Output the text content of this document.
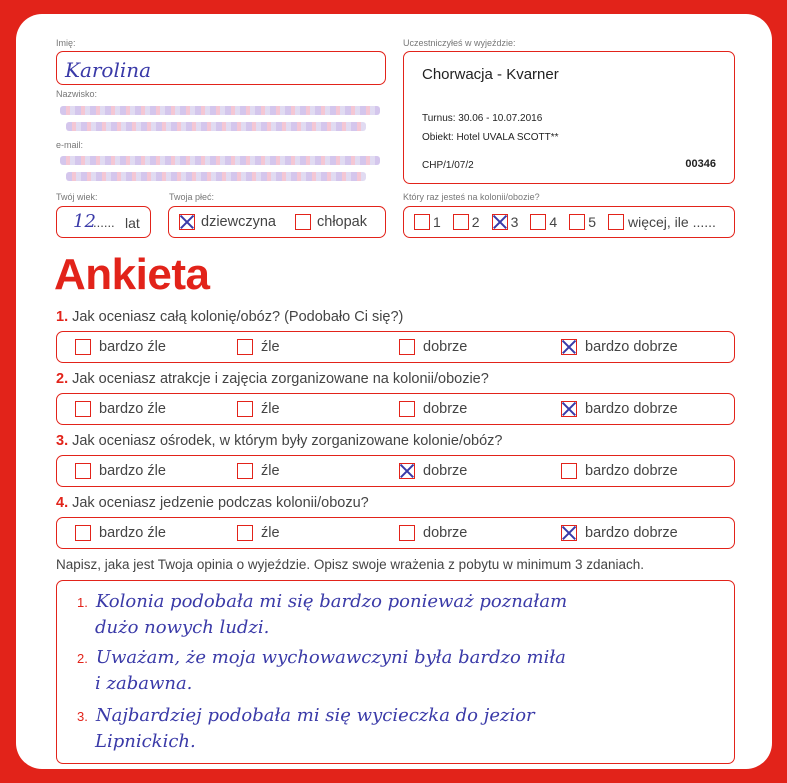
Imię:
Karolina
Nazwisko:
e-mail:
Twój wiek:
12
...... lat
Twoja płeć:
dziewczyna	chłopak
Uczestniczyłeś w wyjeździe:
Chorwacja - Kvarner
Turnus: 30.06 - 10.07.2016
Obiekt: Hotel UVALA SCOTT**
CHP/1/07/2	00346
Który raz jesteś na kolonii/obozie?
1 2 3 4 5 więcej, ile ......
Ankieta
1. Jak oceniasz całą kolonię/obóz? (Podobało Ci się?)
bardzo źle	źle	dobrze	bardzo dobrze
2. Jak oceniasz atrakcje i zajęcia zorganizowane na kolonii/obozie?
bardzo źle	źle	dobrze	bardzo dobrze
3. Jak oceniasz ośrodek, w którym były zorganizowane kolonie/obóz?
bardzo źle	źle	dobrze	bardzo dobrze
4. Jak oceniasz jedzenie podczas kolonii/obozu?
bardzo źle	źle	dobrze	bardzo dobrze
Napisz, jaka jest Twoja opinia o wyjeździe. Opisz swoje wrażenia z pobytu w minimum 3 zdaniach.
1. Kolonia podobała mi się bardzo ponieważ poznałam
dużo nowych ludzi.
2. Uważam, że moja wychowawczyni była bardzo miła
i zabawna.
3. Najbardziej podobała mi się wycieczka do jezior
Lipnickich.
